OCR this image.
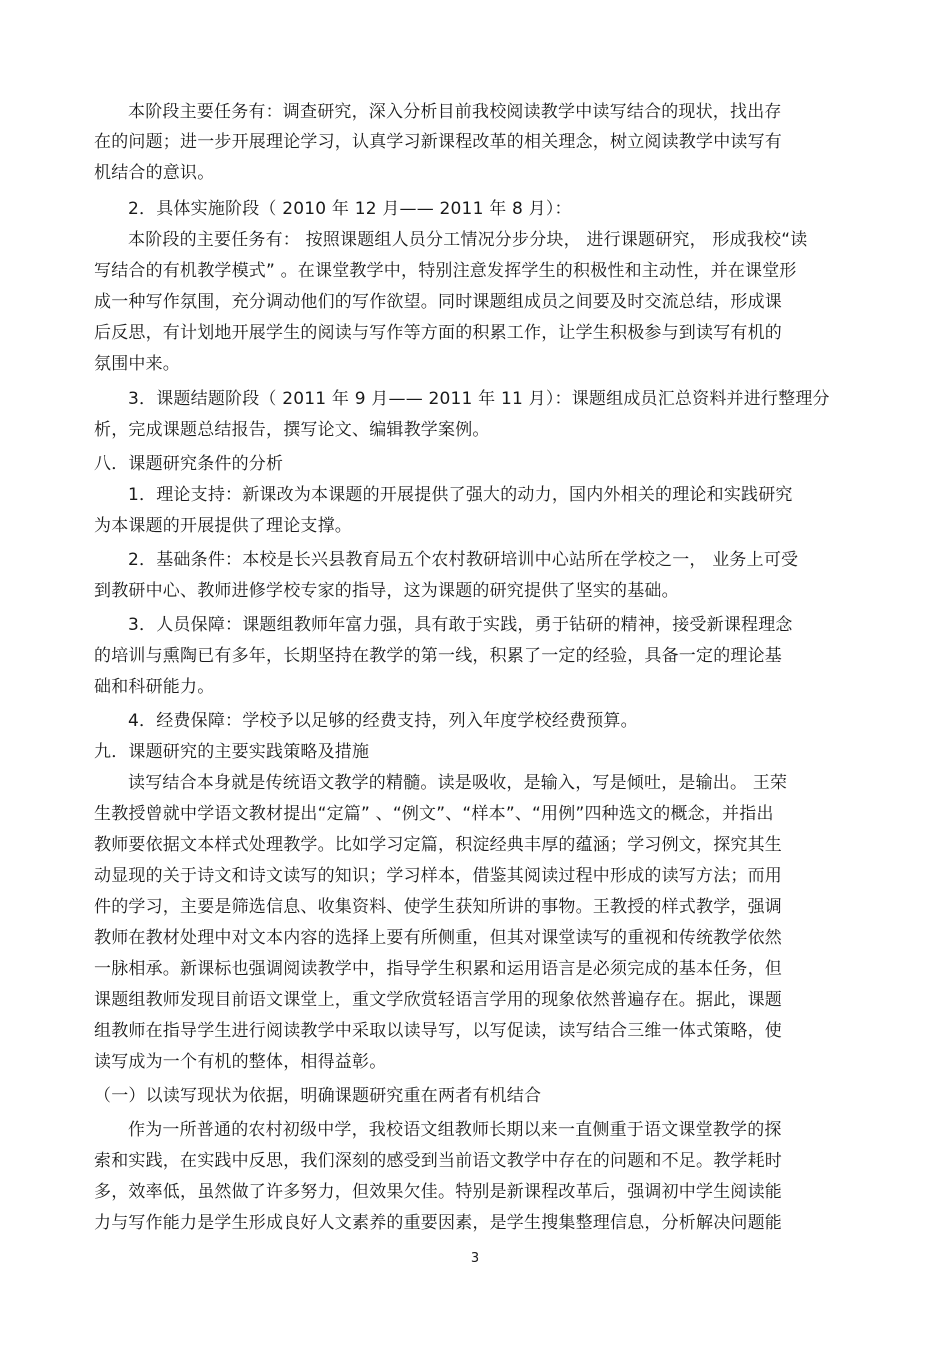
本阶段主要任务有：调查研究，深入分析目前我校阅读教学中读写结合的现状，找出存
在的问题；进一步开展理论学习，认真学习新课程改革的相关理念，树立阅读教学中读写有
机结合的意识。
2．具体实施阶段（ 2010 年 12 月—— 2011 年 8 月）：
本阶段的主要任务有： 按照课题组人员分工情况分步分块， 进行课题研究， 形成我校“读
写结合的有机教学模式” 。在课堂教学中，特别注意发挥学生的积极性和主动性，并在课堂形
成一种写作氛围，充分调动他们的写作欲望。同时课题组成员之间要及时交流总结，形成课
后反思，有计划地开展学生的阅读与写作等方面的积累工作，让学生积极参与到读写有机的
氛围中来。
3．课题结题阶段（ 2011 年 9 月—— 2011 年 11 月）：课题组成员汇总资料并进行整理分
析，完成课题总结报告，撰写论文、编辑教学案例。
八．课题研究条件的分析
1．理论支持：新课改为本课题的开展提供了强大的动力，国内外相关的理论和实践研究
为本课题的开展提供了理论支撑。
2．基础条件：本校是长兴县教育局五个农村教研培训中心站所在学校之一， 业务上可受
到教研中心、教师进修学校专家的指导，这为课题的研究提供了坚实的基础。
3．人员保障：课题组教师年富力强，具有敢于实践，勇于钻研的精神，接受新课程理念
的培训与熏陶已有多年，长期坚持在教学的第一线，积累了一定的经验，具备一定的理论基
础和科研能力。
4．经费保障：学校予以足够的经费支持，列入年度学校经费预算。
九．课题研究的主要实践策略及措施
读写结合本身就是传统语文教学的精髓。读是吸收，是输入，写是倾吐，是输出。 王荣
生教授曾就中学语文教材提出“定篇” 、“例文”、“样本”、“用例”四种选文的概念，并指出
教师要依据文本样式处理教学。比如学习定篇，积淀经典丰厚的蕴涵；学习例文，探究其生
动显现的关于诗文和诗文读写的知识；学习样本，借鉴其阅读过程中形成的读写方法；而用
件的学习，主要是筛选信息、收集资料、使学生获知所讲的事物。王教授的样式教学，强调
教师在教材处理中对文本内容的选择上要有所侧重，但其对课堂读写的重视和传统教学依然
一脉相承。新课标也强调阅读教学中，指导学生积累和运用语言是必须完成的基本任务，但
课题组教师发现目前语文课堂上，重文学欣赏轻语言学用的现象依然普遍存在。据此，课题
组教师在指导学生进行阅读教学中采取以读导写，以写促读，读写结合三维一体式策略，使
读写成为一个有机的整体，相得益彰。
（一）以读写现状为依据，明确课题研究重在两者有机结合
作为一所普通的农村初级中学，我校语文组教师长期以来一直侧重于语文课堂教学的探
索和实践，在实践中反思，我们深刻的感受到当前语文教学中存在的问题和不足。教学耗时
多，效率低，虽然做了许多努力，但效果欠佳。特别是新课程改革后，强调初中学生阅读能
力与写作能力是学生形成良好人文素养的重要因素，是学生搜集整理信息，分析解决问题能
3
